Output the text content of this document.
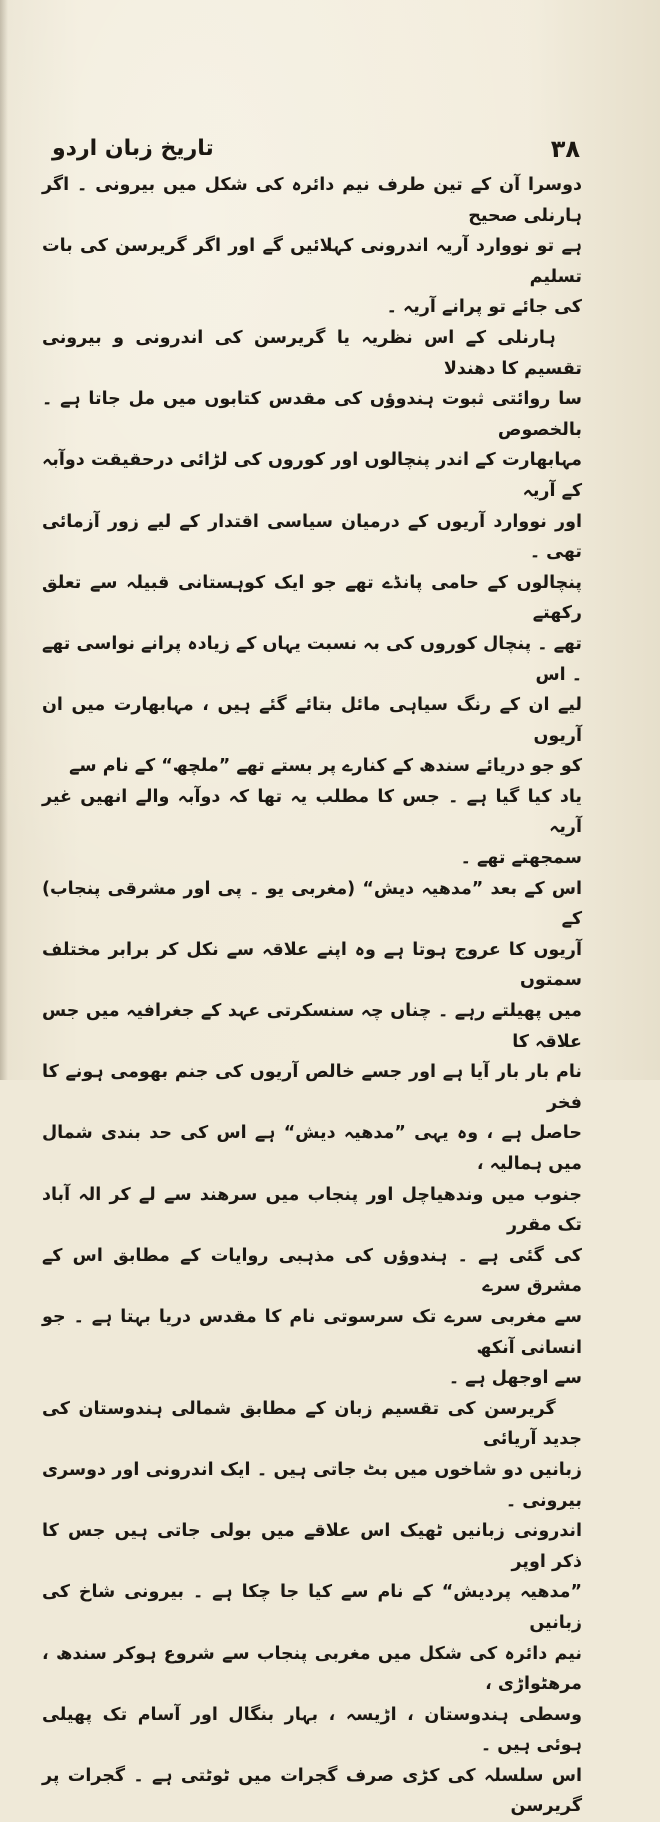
۳۸
تاریخ زبان اردو

دوسرا آن کے تین طرف نیم دائرہ کی شکل میں بیرونی ۔ اگر ہارنلی صحیح
ہے تو نووارد آریہ اندرونی کہلائیں گے اور اگر گریرسن کی بات تسلیم
کی جائے تو پرانے آریہ ۔

ہارنلی کے اس نظریہ یا گریرسن کی اندرونی و بیرونی تقسیم کا دھندلا
سا روائتی ثبوت ہندوؤں کی مقدس کتابوں میں مل جاتا ہے ۔ بالخصوص
مہابھارت کے اندر پنچالوں اور کوروں کی لڑائی درحقیقت دوآبہ کے آریہ
اور نووارد آریوں کے درمیان سیاسی اقتدار کے لیے زور آزمائی تھی ۔
پنچالوں کے حامی پانڈے تھے جو ایک کوہستانی قبیلہ سے تعلق رکھتے
تھے ۔ پنچال کوروں کی بہ نسبت یہاں کے زیادہ پرانے نواسی تھے ۔ اس
لیے ان کے رنگ سیاہی مائل بتائے گئے ہیں ، مہابھارت میں ان آریوں
کو جو دریائے سندھ کے کنارے پر بستے تھے ”ملچھ“ کے نام سے
یاد کیا گیا ہے ۔ جس کا مطلب یہ تھا کہ دوآبہ والے انھیں غیر آریہ
سمجھتے تھے ۔

اس کے بعد ”مدھیہ دیش“ (مغربی یو ۔ پی اور مشرقی پنجاب) کے
آریوں کا عروج ہوتا ہے وہ اپنے علاقہ سے نکل کر برابر مختلف سمتوں
میں پھیلتے رہے ۔ چناں چہ سنسکرتی عہد کے جغرافیہ میں جس علاقہ کا
نام بار بار آیا ہے اور جسے خالص آریوں کی جنم بھومی ہونے کا فخر
حاصل ہے ، وہ یہی ”مدھیہ دیش“ ہے اس کی حد بندی شمال میں ہمالیہ ،
جنوب میں وندھیاچل اور پنجاب میں سرھند سے لے کر الہ آباد تک مقرر
کی گئی ہے ۔ ہندوؤں کی مذہبی روایات کے مطابق اس کے مشرق سرے
سے مغربی سرے تک سرسوتی نام کا مقدس دریا بہتا ہے ۔ جو انسانی آنکھ
سے اوجھل ہے ۔

گریرسن کی تقسیم زبان کے مطابق شمالی ہندوستان کی جدید آریائی
زبانیں دو شاخوں میں بٹ جاتی ہیں ۔ ایک اندرونی اور دوسری بیرونی ۔
اندرونی زبانیں ٹھیک اس علاقے میں بولی جاتی ہیں جس کا ذکر اوپر
”مدھیہ پردیش“ کے نام سے کیا جا چکا ہے ۔ بیرونی شاخ کی زبانیں
نیم دائرہ کی شکل میں مغربی پنجاب سے شروع ہوکر سندھ ، مرھٹواڑی ،
وسطی ہندوستان ، اڑیسہ ، بہار بنگال اور آسام تک پھیلی ہوئی ہیں ۔
اس سلسلہ کی کڑی صرف گجرات میں ٹوٹتی ہے ۔ گجرات پر گریرسن
